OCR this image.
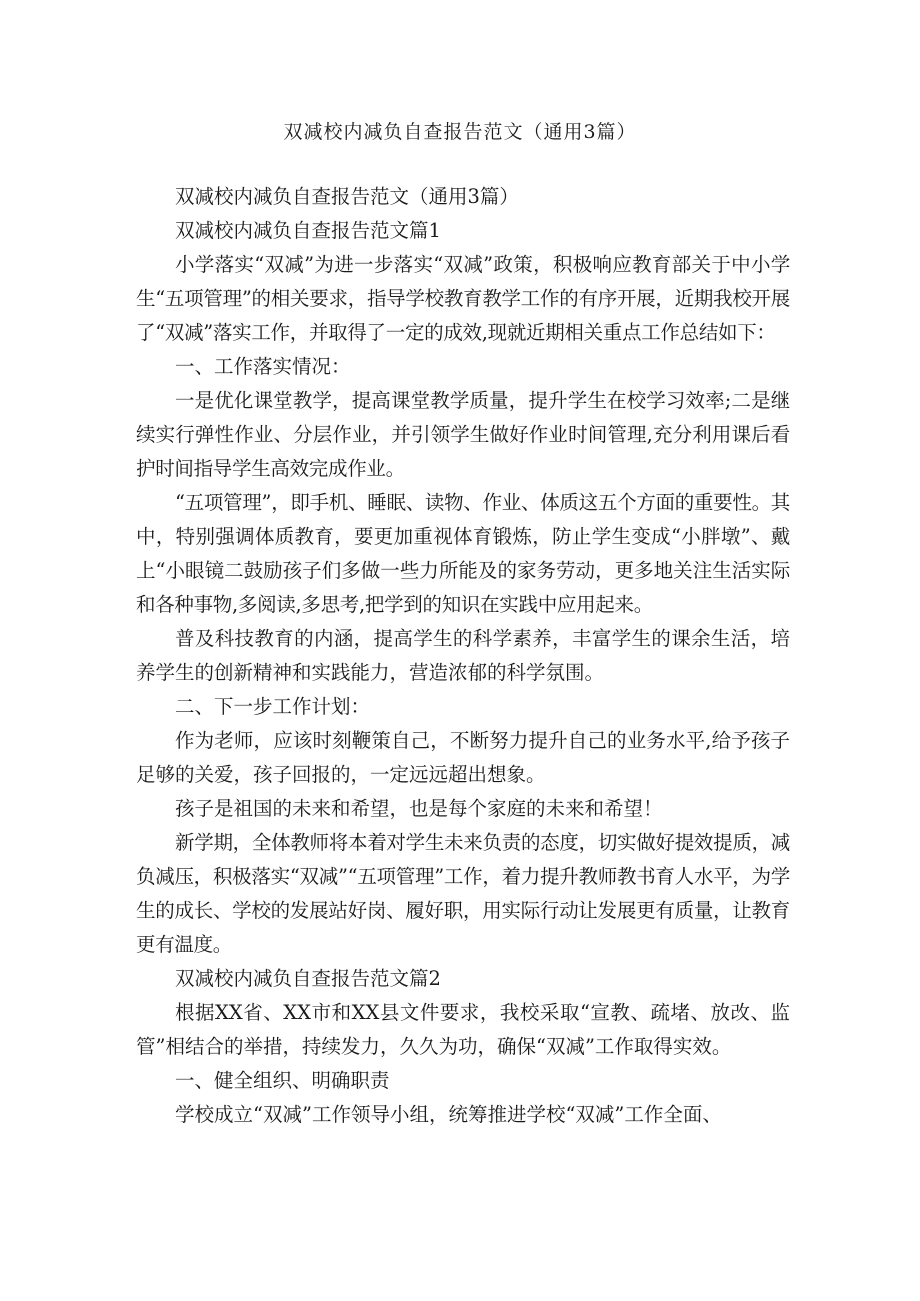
双减校内减负自查报告范文（通用3篇）

双减校内减负自查报告范文（通用3篇）

双减校内减负自查报告范文篇1

小学落实“双减”为进一步落实“双减”政策，积极响应教育部关于中小学生“五项管理”的相关要求，指导学校教育教学工作的有序开展，近期我校开展了“双减”落实工作，并取得了一定的成效,现就近期相关重点工作总结如下：

一、工作落实情况：

一是优化课堂教学，提高课堂教学质量，提升学生在校学习效率;二是继续实行弹性作业、分层作业，并引领学生做好作业时间管理,充分利用课后看护时间指导学生高效完成作业。

“五项管理”，即手机、睡眠、读物、作业、体质这五个方面的重要性。其中，特别强调体质教育，要更加重视体育锻炼，防止学生变成“小胖墩”、戴上“小眼镜二鼓励孩子们多做一些力所能及的家务劳动，更多地关注生活实际和各种事物,多阅读,多思考,把学到的知识在实践中应用起来。

普及科技教育的内涵，提高学生的科学素养，丰富学生的课余生活，培养学生的创新精神和实践能力，营造浓郁的科学氛围。

二、下一步工作计划：

作为老师，应该时刻鞭策自己，不断努力提升自己的业务水平,给予孩子足够的关爱，孩子回报的，一定远远超出想象。

孩子是祖国的未来和希望，也是每个家庭的未来和希望！

新学期，全体教师将本着对学生未来负责的态度，切实做好提效提质，减负减压，积极落实“双减”“五项管理”工作，着力提升教师教书育人水平，为学生的成长、学校的发展站好岗、履好职，用实际行动让发展更有质量，让教育更有温度。

双减校内减负自查报告范文篇2

根据XX省、XX市和XX县文件要求，我校采取“宣教、疏堵、放改、监管”相结合的举措，持续发力，久久为功，确保“双减”工作取得实效。

一、健全组织、明确职责

学校成立“双减”工作领导小组，统筹推进学校“双减”工作全面、
